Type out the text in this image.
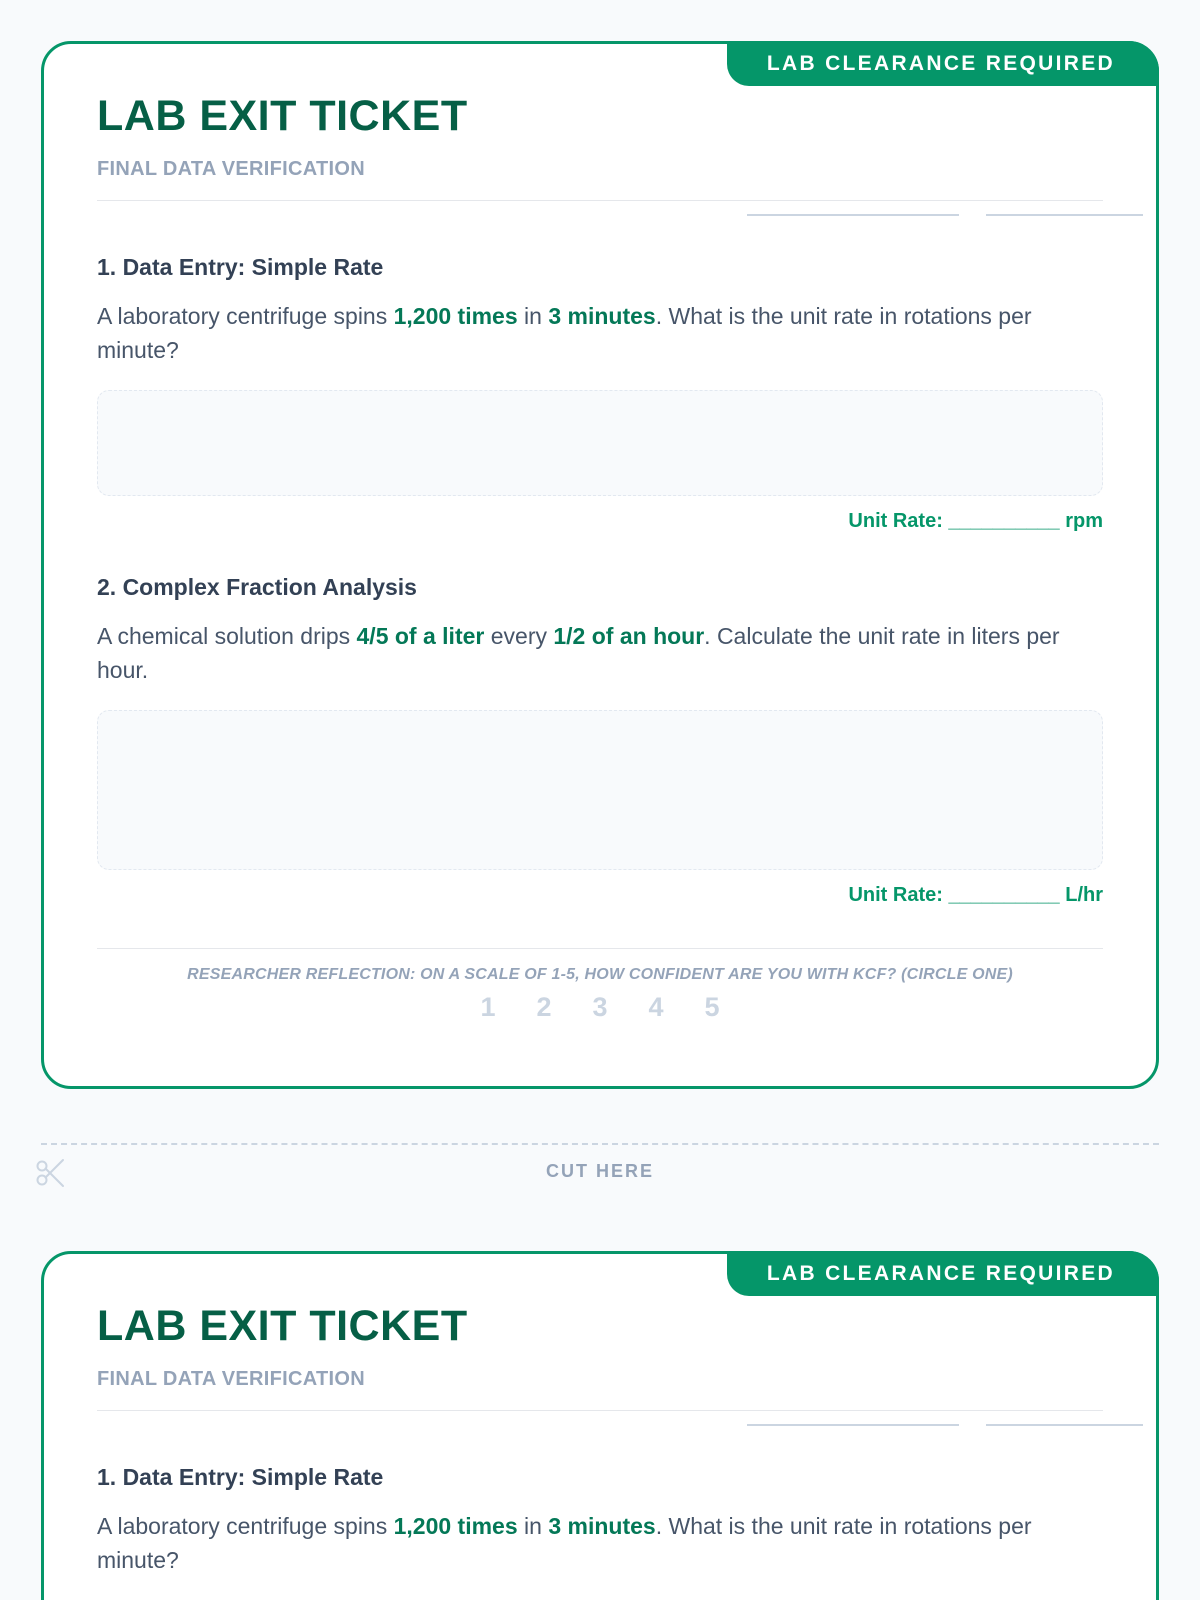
LAB CLEARANCE REQUIRED
LAB EXIT TICKET
FINAL DATA VERIFICATION
1. Data Entry: Simple Rate
A laboratory centrifuge spins 1,200 times in 3 minutes. What is the unit rate in rotations per minute?
Unit Rate: __________ rpm
2. Complex Fraction Analysis
A chemical solution drips 4/5 of a liter every 1/2 of an hour. Calculate the unit rate in liters per hour.
Unit Rate: __________ L/hr
RESEARCHER REFLECTION: ON A SCALE OF 1-5, HOW CONFIDENT ARE YOU WITH KCF? (CIRCLE ONE)
1 2 3 4 5
CUT HERE
LAB CLEARANCE REQUIRED
LAB EXIT TICKET
FINAL DATA VERIFICATION
1. Data Entry: Simple Rate
A laboratory centrifuge spins 1,200 times in 3 minutes. What is the unit rate in rotations per minute?
